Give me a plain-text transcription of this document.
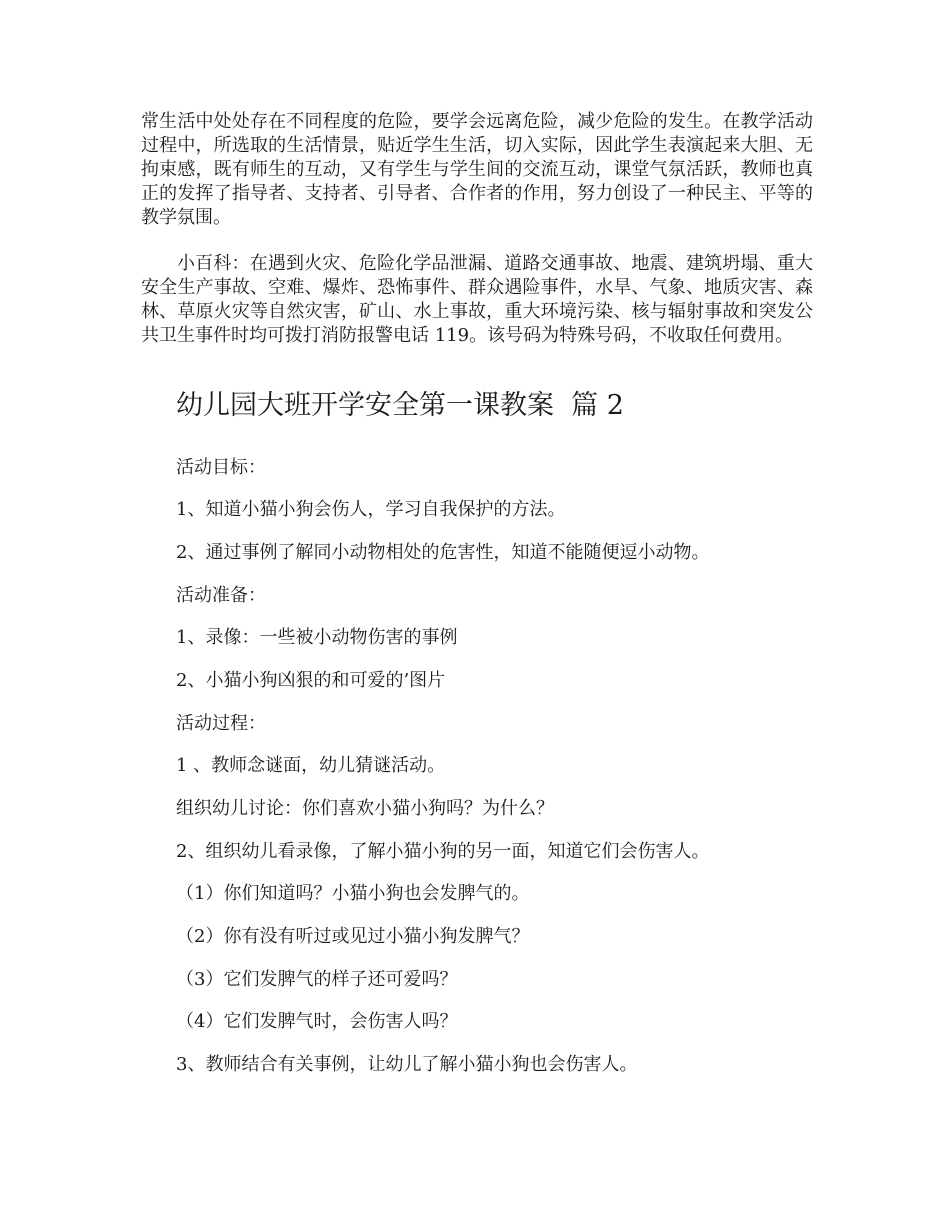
常生活中处处存在不同程度的危险，要学会远离危险，减少危险的发生。在教学活动过程中，所选取的生活情景，贴近学生生活，切入实际，因此学生表演起来大胆、无拘束感，既有师生的互动，又有学生与学生间的交流互动，课堂气氛活跃，教师也真正的发挥了指导者、支持者、引导者、合作者的作用，努力创设了一种民主、平等的教学氛围。

小百科：在遇到火灾、危险化学品泄漏、道路交通事故、地震、建筑坍塌、重大安全生产事故、空难、爆炸、恐怖事件、群众遇险事件，水旱、气象、地质灾害、森林、草原火灾等自然灾害，矿山、水上事故，重大环境污染、核与辐射事故和突发公共卫生事件时均可拨打消防报警电话 119。该号码为特殊号码，不收取任何费用。

幼儿园大班开学安全第一课教案  篇 2

活动目标：

1、知道小猫小狗会伤人，学习自我保护的方法。

2、通过事例了解同小动物相处的危害性，知道不能随便逗小动物。

活动准备：

1、录像：一些被小动物伤害的事例

2、小猫小狗凶狠的和可爱的’图片

活动过程：

1 、教师念谜面，幼儿猜谜活动。

组织幼儿讨论：你们喜欢小猫小狗吗？为什么？

2、组织幼儿看录像，了解小猫小狗的另一面，知道它们会伤害人。

（1）你们知道吗？小猫小狗也会发脾气的。

（2）你有没有听过或见过小猫小狗发脾气？

（3）它们发脾气的样子还可爱吗？

（4）它们发脾气时，会伤害人吗？

3、教师结合有关事例，让幼儿了解小猫小狗也会伤害人。
